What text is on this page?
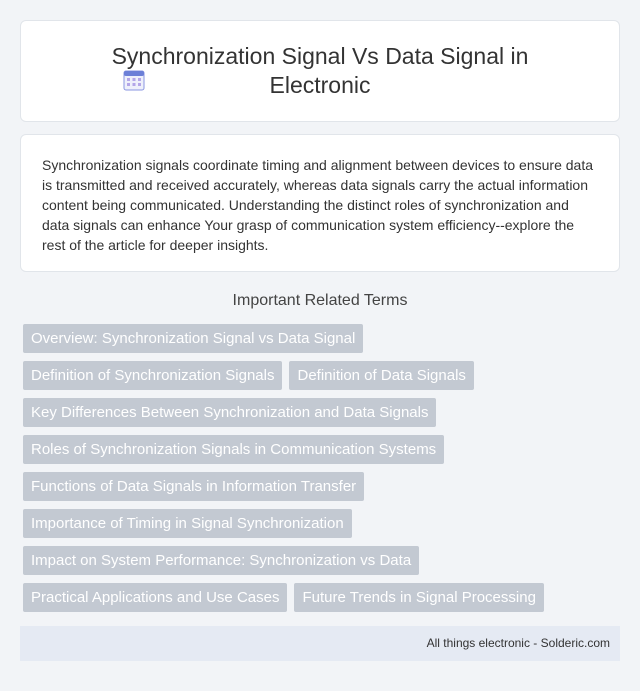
Synchronization Signal Vs Data Signal in Electronic

Synchronization signals coordinate timing and alignment between devices to ensure data is transmitted and received accurately, whereas data signals carry the actual information content being communicated. Understanding the distinct roles of synchronization and data signals can enhance Your grasp of communication system efficiency--explore the rest of the article for deeper insights.

Important Related Terms
Overview: Synchronization Signal vs Data Signal
Definition of Synchronization Signals	Definition of Data Signals
Key Differences Between Synchronization and Data Signals
Roles of Synchronization Signals in Communication Systems
Functions of Data Signals in Information Transfer
Importance of Timing in Signal Synchronization
Impact on System Performance: Synchronization vs Data
Practical Applications and Use Cases	Future Trends in Signal Processing
All things electronic - Solderic.com
